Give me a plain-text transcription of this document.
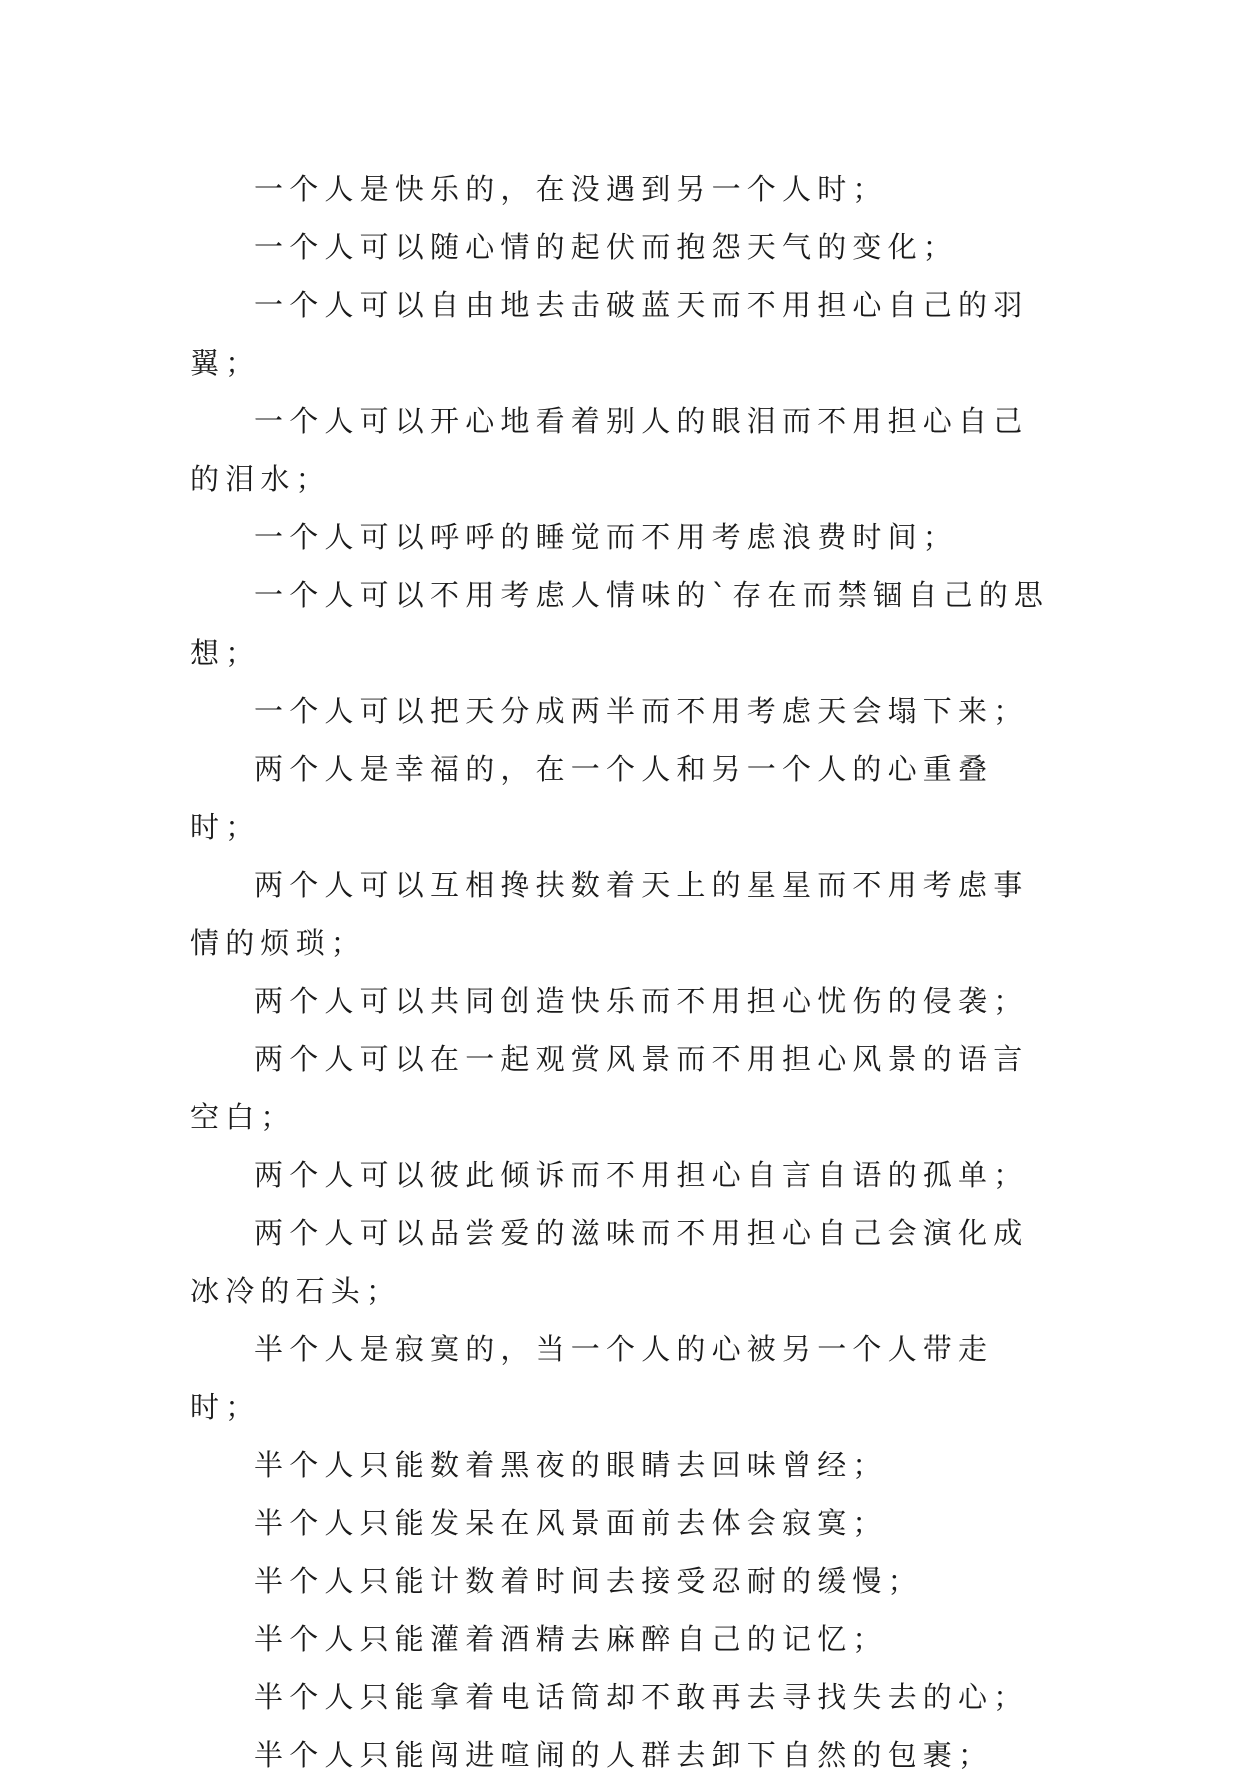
一个人是快乐的，在没遇到另一个人时；

一个人可以随心情的起伏而抱怨天气的变化；

一个人可以自由地去击破蓝天而不用担心自己的羽翼；

一个人可以开心地看着别人的眼泪而不用担心自己的泪水；

一个人可以呼呼的睡觉而不用考虑浪费时间；

一个人可以不用考虑人情味的`存在而禁锢自己的思想；

一个人可以把天分成两半而不用考虑天会塌下来；

两个人是幸福的，在一个人和另一个人的心重叠时；

两个人可以互相搀扶数着天上的星星而不用考虑事情的烦琐；

两个人可以共同创造快乐而不用担心忧伤的侵袭；

两个人可以在一起观赏风景而不用担心风景的语言空白；

两个人可以彼此倾诉而不用担心自言自语的孤单；

两个人可以品尝爱的滋味而不用担心自己会演化成冰冷的石头；

半个人是寂寞的，当一个人的心被另一个人带走时；

半个人只能数着黑夜的眼睛去回味曾经；

半个人只能发呆在风景面前去体会寂寞；

半个人只能计数着时间去接受忍耐的缓慢；

半个人只能灌着酒精去麻醉自己的记忆；

半个人只能拿着电话筒却不敢再去寻找失去的心；

半个人只能闯进喧闹的人群去卸下自然的包裹；
